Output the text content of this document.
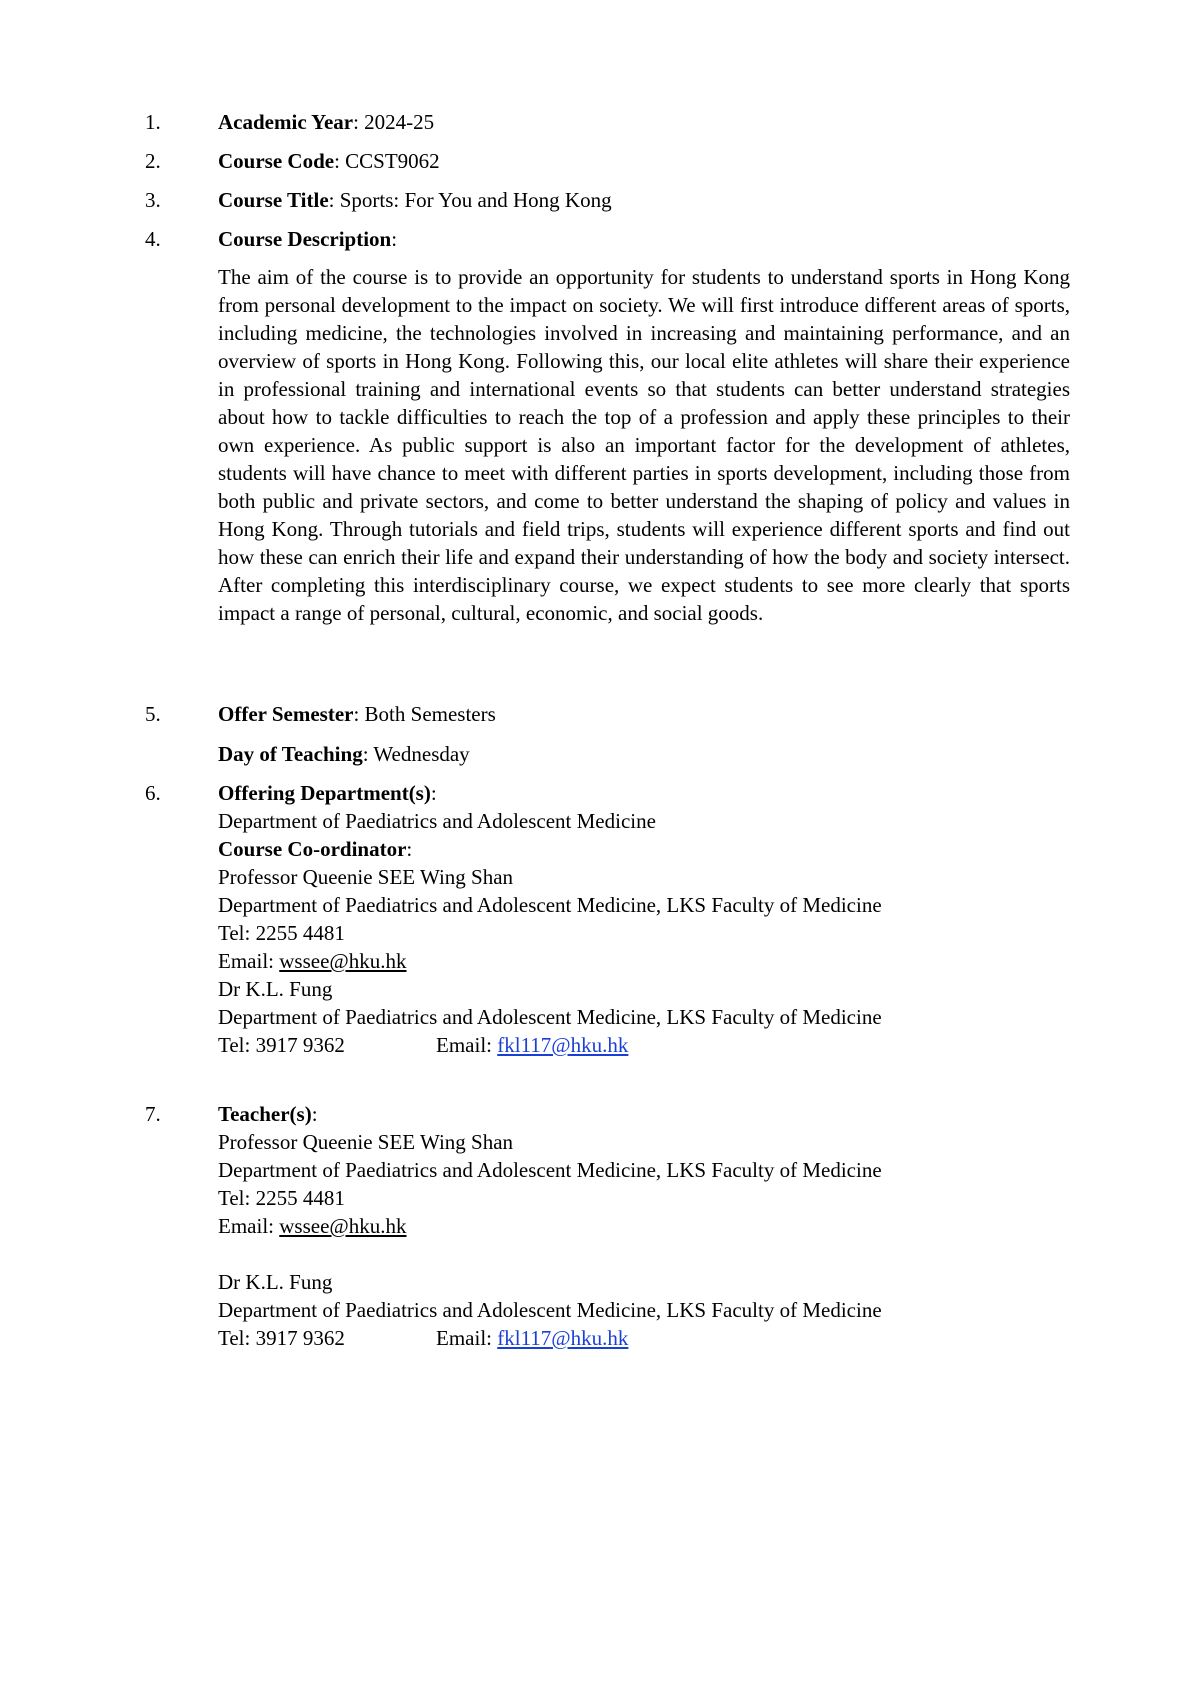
1.	Academic Year: 2024-25
2.	Course Code: CCST9062
3.	Course Title: Sports: For You and Hong Kong
4.	Course Description:

The aim of the course is to provide an opportunity for students to understand sports in Hong Kong from personal development to the impact on society. We will first introduce different areas of sports, including medicine, the technologies involved in increasing and maintaining performance, and an overview of sports in Hong Kong. Following this, our local elite athletes will share their experience in professional training and international events so that students can better understand strategies about how to tackle difficulties to reach the top of a profession and apply these principles to their own experience. As public support is also an important factor for the development of athletes, students will have chance to meet with different parties in sports development, including those from both public and private sectors, and come to better understand the shaping of policy and values in Hong Kong. Through tutorials and field trips, students will experience different sports and find out how these can enrich their life and expand their understanding of how the body and society intersect. After completing this interdisciplinary course, we expect students to see more clearly that sports impact a range of personal, cultural, economic, and social goods.

5.	Offer Semester: Both Semesters
Day of Teaching: Wednesday
6.	Offering Department(s):
Department of Paediatrics and Adolescent Medicine
Course Co-ordinator:
Professor Queenie SEE Wing Shan
Department of Paediatrics and Adolescent Medicine, LKS Faculty of Medicine
Tel: 2255 4481
Email: wssee@hku.hk
Dr K.L. Fung
Department of Paediatrics and Adolescent Medicine, LKS Faculty of Medicine
Tel: 3917 9362	Email: fkl117@hku.hk
7.	Teacher(s):
Professor Queenie SEE Wing Shan
Department of Paediatrics and Adolescent Medicine, LKS Faculty of Medicine
Tel: 2255 4481
Email: wssee@hku.hk
Dr K.L. Fung
Department of Paediatrics and Adolescent Medicine, LKS Faculty of Medicine
Tel: 3917 9362	Email: fkl117@hku.hk
